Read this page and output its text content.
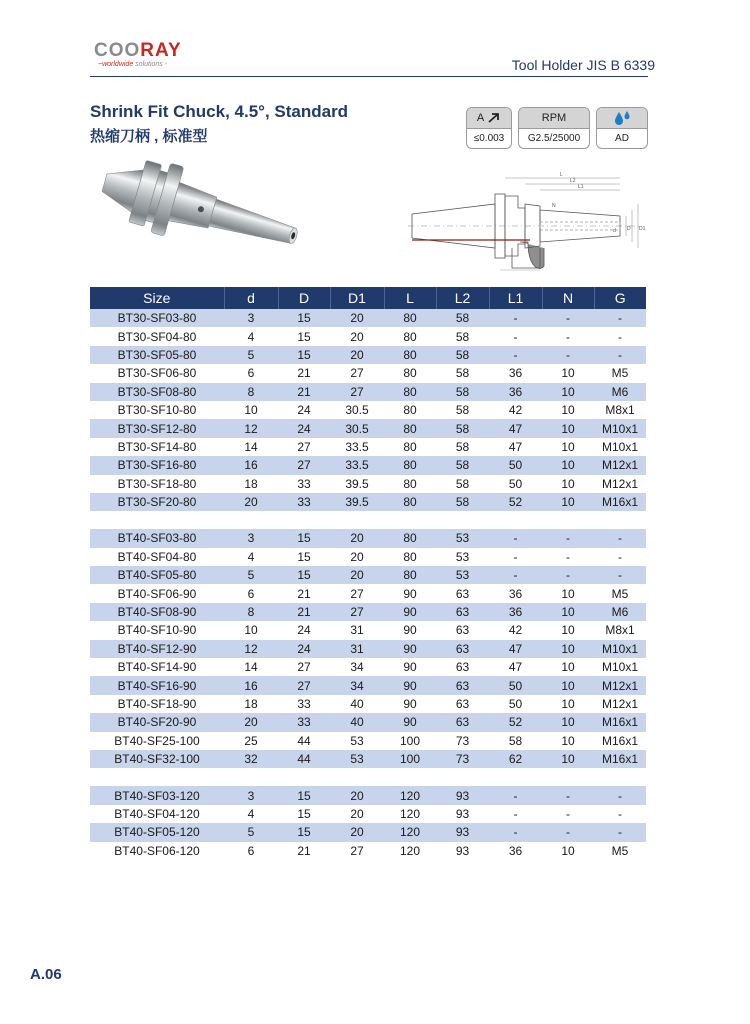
COORAY
~worldwide solutions -	Tool Holder JIS B 6339
Shrink Fit Chuck, 4.5°, Standard
热缩刀柄 , 标准型
A
≤0.003
RPM
G2.5/25000	AD
L
L2
L1
N
d D D1
Size	d	D	D1	L	L2	L1	N	G
BT30-SF03-80	3	15	20	80	58	-	-	-
BT30-SF04-80	4	15	20	80	58	-	-	-
BT30-SF05-80	5	15	20	80	58	-	-	-
BT30-SF06-80	6	21	27	80	58	36	10	M5
BT30-SF08-80	8	21	27	80	58	36	10	M6
BT30-SF10-80	10	24	30.5	80	58	42	10	M8x1
BT30-SF12-80	12	24	30.5	80	58	47	10	M10x1
BT30-SF14-80	14	27	33.5	80	58	47	10	M10x1
BT30-SF16-80	16	27	33.5	80	58	50	10	M12x1
BT30-SF18-80	18	33	39.5	80	58	50	10	M12x1
BT30-SF20-80	20	33	39.5	80	58	52	10	M16x1

BT40-SF03-80	3	15	20	80	53	-	-	-
BT40-SF04-80	4	15	20	80	53	-	-	-
BT40-SF05-80	5	15	20	80	53	-	-	-
BT40-SF06-90	6	21	27	90	63	36	10	M5
BT40-SF08-90	8	21	27	90	63	36	10	M6
BT40-SF10-90	10	24	31	90	63	42	10	M8x1
BT40-SF12-90	12	24	31	90	63	47	10	M10x1
BT40-SF14-90	14	27	34	90	63	47	10	M10x1
BT40-SF16-90	16	27	34	90	63	50	10	M12x1
BT40-SF18-90	18	33	40	90	63	50	10	M12x1
BT40-SF20-90	20	33	40	90	63	52	10	M16x1
BT40-SF25-100	25	44	53	100	73	58	10	M16x1
BT40-SF32-100	32	44	53	100	73	62	10	M16x1

BT40-SF03-120	3	15	20	120	93	-	-	-
BT40-SF04-120	4	15	20	120	93	-	-	-
BT40-SF05-120	5	15	20	120	93	-	-	-
BT40-SF06-120	6	21	27	120	93	36	10	M5
A.06
